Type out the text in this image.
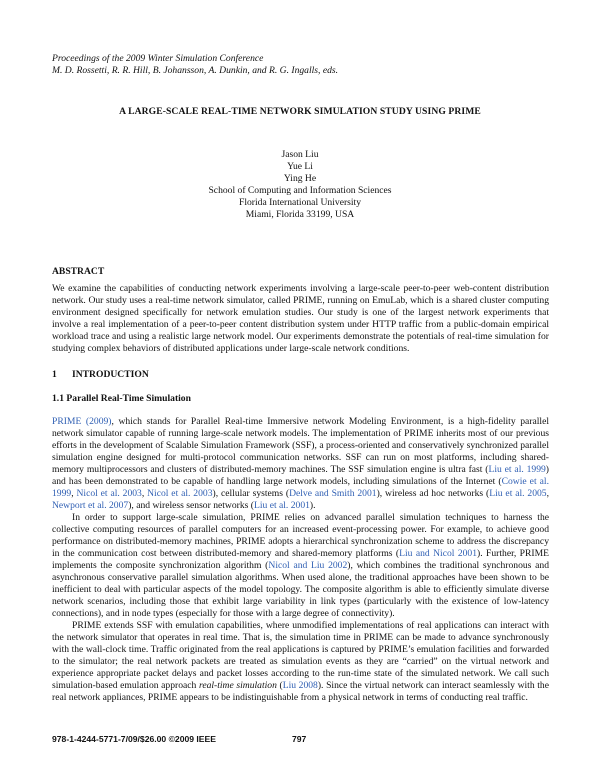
Proceedings of the 2009 Winter Simulation Conference
M. D. Rossetti, R. R. Hill, B. Johansson, A. Dunkin, and R. G. Ingalls, eds.
A LARGE-SCALE REAL-TIME NETWORK SIMULATION STUDY USING PRIME
Jason Liu
Yue Li
Ying He
School of Computing and Information Sciences
Florida International University
Miami, Florida 33199, USA
ABSTRACT

We examine the capabilities of conducting network experiments involving a large-scale peer-to-peer web-content distribution network. Our study uses a real-time network simulator, called PRIME, running on EmuLab, which is a shared cluster computing environment designed specifically for network emulation studies. Our study is one of the largest network experiments that involve a real implementation of a peer-to-peer content distribution system under HTTP traffic from a public-domain empirical workload trace and using a realistic large network model. Our experiments demonstrate the potentials of real-time simulation for studying complex behaviors of distributed applications under large-scale network conditions.

1 INTRODUCTION
1.1 Parallel Real-Time Simulation

PRIME (2009), which stands for Parallel Real-time Immersive network Modeling Environment, is a high-fidelity parallel network simulator capable of running large-scale network models. The implementation of PRIME inherits most of our previous efforts in the development of Scalable Simulation Framework (SSF), a process-oriented and conservatively synchronized parallel simulation engine designed for multi-protocol communication networks. SSF can run on most platforms, including shared-memory multiprocessors and clusters of distributed-memory machines. The SSF simulation engine is ultra fast (Liu et al. 1999) and has been demonstrated to be capable of handling large network models, including simulations of the Internet (Cowie et al. 1999, Nicol et al. 2003, Nicol et al. 2003), cellular systems (Delve and Smith 2001), wireless ad hoc networks (Liu et al. 2005, Newport et al. 2007), and wireless sensor networks (Liu et al. 2001).

In order to support large-scale simulation, PRIME relies on advanced parallel simulation techniques to harness the collective computing resources of parallel computers for an increased event-processing power. For example, to achieve good performance on distributed-memory machines, PRIME adopts a hierarchical synchronization scheme to address the discrepancy in the communication cost between distributed-memory and shared-memory platforms (Liu and Nicol 2001). Further, PRIME implements the composite synchronization algorithm (Nicol and Liu 2002), which combines the traditional synchronous and asynchronous conservative parallel simulation algorithms. When used alone, the traditional approaches have been shown to be inefficient to deal with particular aspects of the model topology. The composite algorithm is able to efficiently simulate diverse network scenarios, including those that exhibit large variability in link types (particularly with the existence of low-latency connections), and in node types (especially for those with a large degree of connectivity).

PRIME extends SSF with emulation capabilities, where unmodified implementations of real applications can interact with the network simulator that operates in real time. That is, the simulation time in PRIME can be made to advance synchronously with the wall-clock time. Traffic originated from the real applications is captured by PRIME’s emulation facilities and forwarded to the simulator; the real network packets are treated as simulation events as they are “carried” on the virtual network and experience appropriate packet delays and packet losses according to the run-time state of the simulated network. We call such simulation-based emulation approach real-time simulation (Liu 2008). Since the virtual network can interact seamlessly with the real network appliances, PRIME appears to be indistinguishable from a physical network in terms of conducting real traffic.

978-1-4244-5771-7/09/$26.00 ©2009 IEEE	797
